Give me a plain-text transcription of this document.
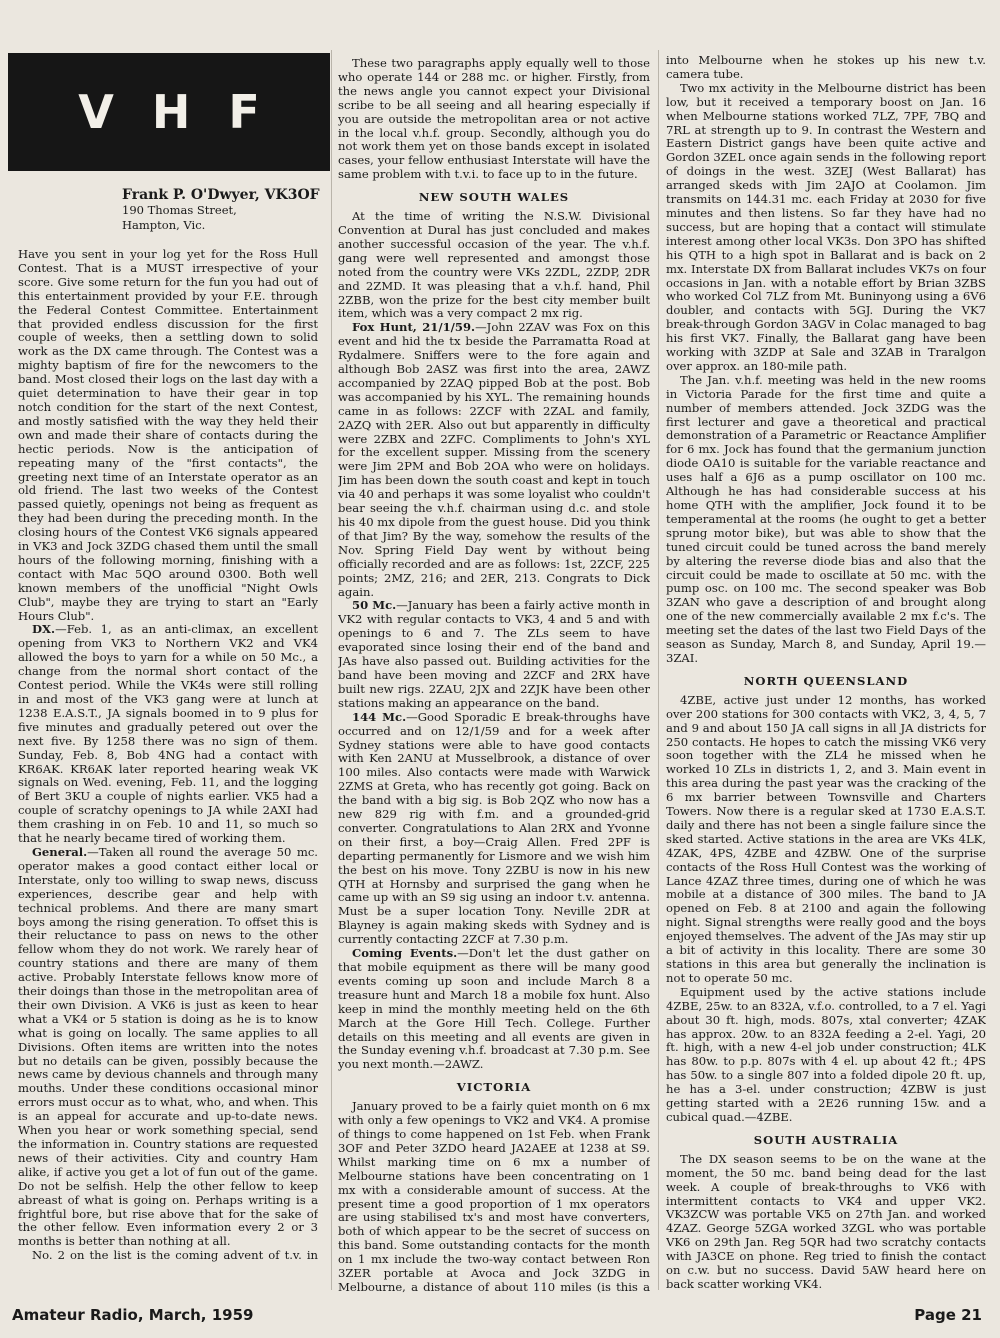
VHF
Frank P. O'Dwyer, VK3OF
190 Thomas Street,
Hampton, Vic.

Have you sent in your log yet for the Ross Hull Contest. That is a MUST irrespective of your score. Give some return for the fun you had out of this entertainment provided by your F.E. through the Federal Contest Committee. Entertainment that provided endless discussion for the first couple of weeks, then a settling down to solid work as the DX came through. The Contest was a mighty baptism of fire for the newcomers to the band. Most closed their logs on the last day with a quiet determination to have their gear in top notch condition for the start of the next Contest, and mostly satisfied with the way they held their own and made their share of contacts during the hectic periods. Now is the anticipation of repeating many of the "first contacts", the greeting next time of an Interstate operator as an old friend. The last two weeks of the Contest passed quietly, openings not being as frequent as they had been during the preceding month. In the closing hours of the Contest VK6 signals appeared in VK3 and Jock 3ZDG chased them until the small hours of the following morning, finishing with a contact with Mac 5QO around 0300. Both well known members of the unofficial "Night Owls Club", maybe they are trying to start an "Early Hours Club".

DX.—Feb. 1, as an anti-climax, an excellent opening from VK3 to Northern VK2 and VK4 allowed the boys to yarn for a while on 50 Mc., a change from the normal short contact of the Contest period. While the VK4s were still rolling in and most of the VK3 gang were at lunch at 1238 E.A.S.T., JA signals boomed in to 9 plus for five minutes and gradually petered out over the next five. By 1258 there was no sign of them. Sunday, Feb. 8, Bob 4NG had a contact with KR6AK. KR6AK later reported hearing weak VK signals on Wed. evening, Feb. 11, and the logging of Bert 3KU a couple of nights earlier. VK5 had a couple of scratchy openings to JA while 2AXI had them crashing in on Feb. 10 and 11, so much so that he nearly became tired of working them.

General.—Taken all round the average 50 mc. operator makes a good contact either local or Interstate, only too willing to swap news, discuss experiences, describe gear and help with technical problems. And there are many smart boys among the rising generation. To offset this is their reluctance to pass on news to the other fellow whom they do not work. We rarely hear of country stations and there are many of them active. Probably Interstate fellows know more of their doings than those in the metropolitan area of their own Division. A VK6 is just as keen to hear what a VK4 or 5 station is doing as he is to know what is going on locally. The same applies to all Divisions. Often items are written into the notes but no details can be given, possibly because the news came by devious channels and through many mouths. Under these conditions occasional minor errors must occur as to what, who, and when. This is an appeal for accurate and up-to-date news. When you hear or work something special, send the information in. Country stations are requested news of their activities. City and country Ham alike, if active you get a lot of fun out of the game. Do not be selfish. Help the other fellow to keep abreast of what is going on. Perhaps writing is a frightful bore, but rise above that for the sake of the other fellow. Even information every 2 or 3 months is better than nothing at all.

No. 2 on the list is the coming advent of t.v. in

These two paragraphs apply equally well to those who operate 144 or 288 mc. or higher. Firstly, from the news angle you cannot expect your Divisional scribe to be all seeing and all hearing especially if you are outside the metropolitan area or not active in the local v.h.f. group. Secondly, although you do not work them yet on those bands except in isolated cases, your fellow enthusiast Interstate will have the same problem with t.v.i. to face up to in the future.

NEW SOUTH WALES

At the time of writing the N.S.W. Divisional Convention at Dural has just concluded and makes another successful occasion of the year. The v.h.f. gang were well represented and amongst those noted from the country were VKs 2ZDL, 2ZDP, 2DR and 2ZMD. It was pleasing that a v.h.f. hand, Phil 2ZBB, won the prize for the best city member built item, which was a very compact 2 mx rig.

Fox Hunt, 21/1/59.—John 2ZAV was Fox on this event and hid the tx beside the Parramatta Road at Rydalmere. Sniffers were to the fore again and although Bob 2ASZ was first into the area, 2AWZ accompanied by 2ZAQ pipped Bob at the post. Bob was accompanied by his XYL. The remaining hounds came in as follows: 2ZCF with 2ZAL and family, 2AZQ with 2ER. Also out but apparently in difficulty were 2ZBX and 2ZFC. Compliments to John's XYL for the excellent supper. Missing from the scenery were Jim 2PM and Bob 2OA who were on holidays. Jim has been down the south coast and kept in touch via 40 and perhaps it was some loyalist who couldn't bear seeing the v.h.f. chairman using d.c. and stole his 40 mx dipole from the guest house. Did you think of that Jim? By the way, somehow the results of the Nov. Spring Field Day went by without being officially recorded and are as follows: 1st, 2ZCF, 225 points; 2MZ, 216; and 2ER, 213. Congrats to Dick again.

50 Mc.—January has been a fairly active month in VK2 with regular contacts to VK3, 4 and 5 and with openings to 6 and 7. The ZLs seem to have evaporated since losing their end of the band and JAs have also passed out. Building activities for the band have been moving and 2ZCF and 2RX have built new rigs. 2ZAU, 2JX and 2ZJK have been other stations making an appearance on the band.

144 Mc.—Good Sporadic E break-throughs have occurred and on 12/1/59 and for a week after Sydney stations were able to have good contacts with Ken 2ANU at Musselbrook, a distance of over 100 miles. Also contacts were made with Warwick 2ZMS at Greta, who has recently got going. Back on the band with a big sig. is Bob 2QZ who now has a new 829 rig with f.m. and a grounded-grid converter. Congratulations to Alan 2RX and Yvonne on their first, a boy—Craig Allen. Fred 2PF is departing permanently for Lismore and we wish him the best on his move. Tony 2ZBU is now in his new QTH at Hornsby and surprised the gang when he came up with an S9 sig using an indoor t.v. antenna. Must be a super location Tony. Neville 2DR at Blayney is again making skeds with Sydney and is currently contacting 2ZCF at 7.30 p.m.

Coming Events.—Don't let the dust gather on that mobile equipment as there will be many good events coming up soon and include March 8 a treasure hunt and March 18 a mobile fox hunt. Also keep in mind the monthly meeting held on the 6th March at the Gore Hill Tech. College. Further details on this meeting and all events are given in the Sunday evening v.h.f. broadcast at 7.30 p.m. See you next month.—2AWZ.

VICTORIA

January proved to be a fairly quiet month on 6 mx with only a few openings to VK2 and VK4. A promise of things to come happened on 1st Feb. when Frank 3OF and Peter 3ZDO heard JA2AEE at 1238 at S9. Whilst marking time on 6 mx a number of Melbourne stations have been concentrating on 1 mx with a considerable amount of success. At the present time a good proportion of 1 mx operators are using stabilised tx's and most have converters, both of which appear to be the secret of success on this band. Some outstanding contacts for the month on 1 mx include the two-way contact between Ron 3ZER portable at Avoca and Jock 3ZDG in Melbourne, a distance of about 110 miles (is this a

into Melbourne when he stokes up his new t.v. camera tube.

Two mx activity in the Melbourne district has been low, but it received a temporary boost on Jan. 16 when Melbourne stations worked 7LZ, 7PF, 7BQ and 7RL at strength up to 9. In contrast the Western and Eastern District gangs have been quite active and Gordon 3ZEL once again sends in the following report of doings in the west. 3ZEJ (West Ballarat) has arranged skeds with Jim 2AJO at Coolamon. Jim transmits on 144.31 mc. each Friday at 2030 for five minutes and then listens. So far they have had no success, but are hoping that a contact will stimulate interest among other local VK3s. Don 3PO has shifted his QTH to a high spot in Ballarat and is back on 2 mx. Interstate DX from Ballarat includes VK7s on four occasions in Jan. with a notable effort by Brian 3ZBS who worked Col 7LZ from Mt. Buninyong using a 6V6 doubler, and contacts with 5GJ. During the VK7 break-through Gordon 3AGV in Colac managed to bag his first VK7. Finally, the Ballarat gang have been working with 3ZDP at Sale and 3ZAB in Traralgon over approx. an 180-mile path.

The Jan. v.h.f. meeting was held in the new rooms in Victoria Parade for the first time and quite a number of members attended. Jock 3ZDG was the first lecturer and gave a theoretical and practical demonstration of a Parametric or Reactance Amplifier for 6 mx. Jock has found that the germanium junction diode OA10 is suitable for the variable reactance and uses half a 6J6 as a pump oscillator on 100 mc. Although he has had considerable success at his home QTH with the amplifier, Jock found it to be temperamental at the rooms (he ought to get a better sprung motor bike), but was able to show that the tuned circuit could be tuned across the band merely by altering the reverse diode bias and also that the circuit could be made to oscillate at 50 mc. with the pump osc. on 100 mc. The second speaker was Bob 3ZAN who gave a description of and brought along one of the new commercially available 2 mx f.c's. The meeting set the dates of the last two Field Days of the season as Sunday, March 8, and Sunday, April 19.—3ZAI.

NORTH QUEENSLAND

4ZBE, active just under 12 months, has worked over 200 stations for 300 contacts with VK2, 3, 4, 5, 7 and 9 and about 150 JA call signs in all JA districts for 250 contacts. He hopes to catch the missing VK6 very soon together with the ZL4 he missed when he worked 10 ZLs in districts 1, 2, and 3. Main event in this area during the past year was the cracking of the 6 mx barrier between Townsville and Charters Towers. Now there is a regular sked at 1730 E.A.S.T. daily and there has not been a single failure since the sked started. Active stations in the area are VKs 4LK, 4ZAK, 4PS, 4ZBE and 4ZBW. One of the surprise contacts of the Ross Hull Contest was the working of Lance 4ZAZ three times, during one of which he was mobile at a distance of 300 miles. The band to JA opened on Feb. 8 at 2100 and again the following night. Signal strengths were really good and the boys enjoyed themselves. The advent of the JAs may stir up a bit of activity in this locality. There are some 30 stations in this area but generally the inclination is not to operate 50 mc.

Equipment used by the active stations include 4ZBE, 25w. to an 832A, v.f.o. controlled, to a 7 el. Yagi about 30 ft. high, mods. 807s, xtal converter; 4ZAK has approx. 20w. to an 832A feeding a 2-el. Yagi, 20 ft. high, with a new 4-el job under construction; 4LK has 80w. to p.p. 807s with 4 el. up about 42 ft.; 4PS has 50w. to a single 807 into a folded dipole 20 ft. up, he has a 3-el. under construction; 4ZBW is just getting started with a 2E26 running 15w. and a cubical quad.—4ZBE.

SOUTH AUSTRALIA

The DX season seems to be on the wane at the moment, the 50 mc. band being dead for the last week. A couple of break-throughs to VK6 with intermittent contacts to VK4 and upper VK2. VK3ZCW was portable VK5 on 27th Jan. and worked 4ZAZ. George 5ZGA worked 3ZGL who was portable VK6 on 29th Jan. Reg 5QR had two scratchy contacts with JA3CE on phone. Reg tried to finish the contact on c.w. but no success. David 5AW heard here on back scatter working VK4.

Amateur Radio, March, 1959	Page 21
